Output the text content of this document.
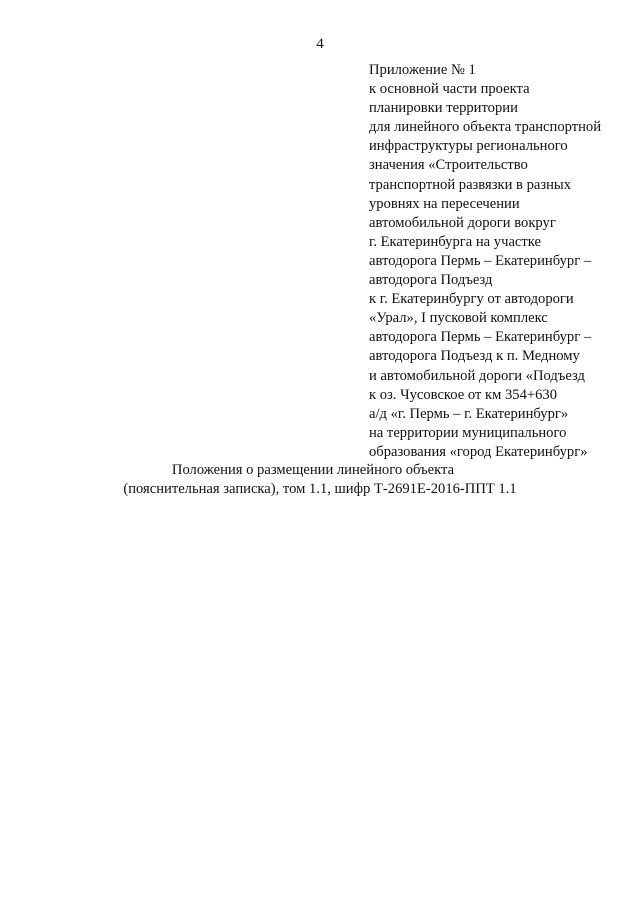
4
Приложение № 1
к основной части проекта
планировки территории
для линейного объекта транспортной
инфраструктуры регионального
значения «Строительство
транспортной развязки в разных
уровнях на пересечении
автомобильной дороги вокруг
г. Екатеринбурга на участке
автодорога Пермь – Екатеринбург –
автодорога Подъезд
к г. Екатеринбургу от автодороги
«Урал», I пусковой комплекс
автодорога Пермь – Екатеринбург –
автодорога Подъезд к п. Медному
и автомобильной дороги «Подъезд
к оз. Чусовское от км 354+630
а/д «г. Пермь – г. Екатеринбург»
на территории муниципального
образования «город Екатеринбург»
Положения о размещении линейного объекта
(пояснительная записка), том 1.1, шифр Т-2691Е-2016-ППТ 1.1
